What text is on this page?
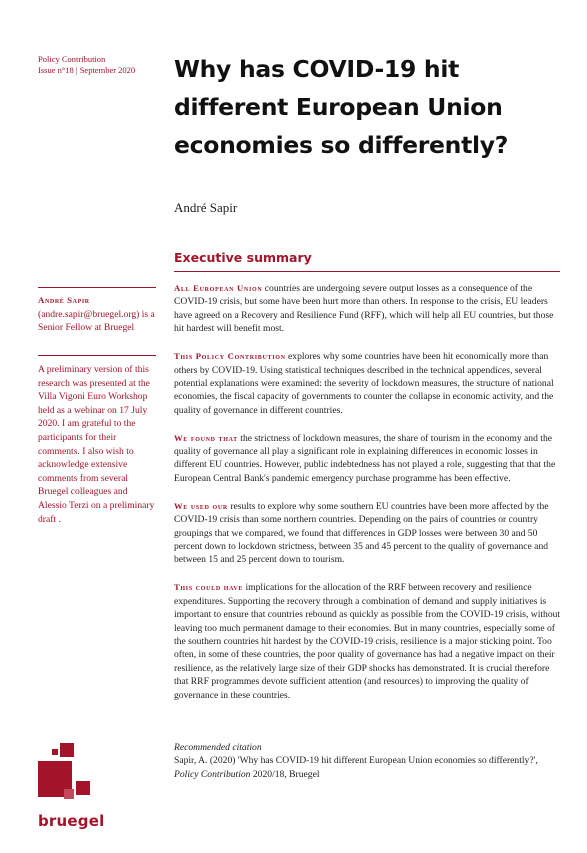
Policy Contribution
Issue n°18 | September 2020 Why has COVID-19 hit different European Union economies so differently?
André Sapir
Executive summary
André Sapir (andre.sapir@bruegel.org) is a Senior Fellow at Bruegel
A preliminary version of this research was presented at the Villa Vigoni Euro Workshop held as a webinar on 17 July 2020. I am grateful to the participants for their comments. I also wish to acknowledge extensive comments from several Bruegel colleagues and Alessio Terzi on a preliminary draft .

All European Union countries are undergoing severe output losses as a consequence of the COVID-19 crisis, but some have been hurt more than others. In response to the crisis, EU leaders have agreed on a Recovery and Resilience Fund (RFF), which will help all EU countries, but those hit hardest will benefit most.

This Policy Contribution explores why some countries have been hit economically more than others by COVID-19. Using statistical techniques described in the technical appendices, several potential explanations were examined: the severity of lockdown measures, the structure of national economies, the fiscal capacity of governments to counter the collapse in economic activity, and the quality of governance in different countries.

We found that the strictness of lockdown measures, the share of tourism in the economy and the quality of governance all play a significant role in explaining differences in economic losses in different EU countries. However, public indebtedness has not played a role, suggesting that that the European Central Bank's pandemic emergency purchase programme has been effective.

We used our results to explore why some southern EU countries have been more affected by the COVID-19 crisis than some northern countries. Depending on the pairs of countries or country groupings that we compared, we found that differences in GDP losses were between 30 and 50 percent down to lockdown strictness, between 35 and 45 percent to the quality of governance and between 15 and 25 percent down to tourism.

This could have implications for the allocation of the RRF between recovery and resilience expenditures. Supporting the recovery through a combination of demand and supply initiatives is important to ensure that countries rebound as quickly as possible from the COVID-19 crisis, without leaving too much permanent damage to their economies. But in many countries, especially some of the southern countries hit hardest by the COVID-19 crisis, resilience is a major sticking point. Too often, in some of these countries, the poor quality of governance has had a negative impact on their resilience, as the relatively large size of their GDP shocks has demonstrated. It is crucial therefore that RRF programmes devote sufficient attention (and resources) to improving the quality of governance in these countries.

Recommended citation
Sapir, A. (2020) 'Why has COVID-19 hit different European Union economies so differently?',
Policy Contribution 2020/18, Bruegel
bruegel
